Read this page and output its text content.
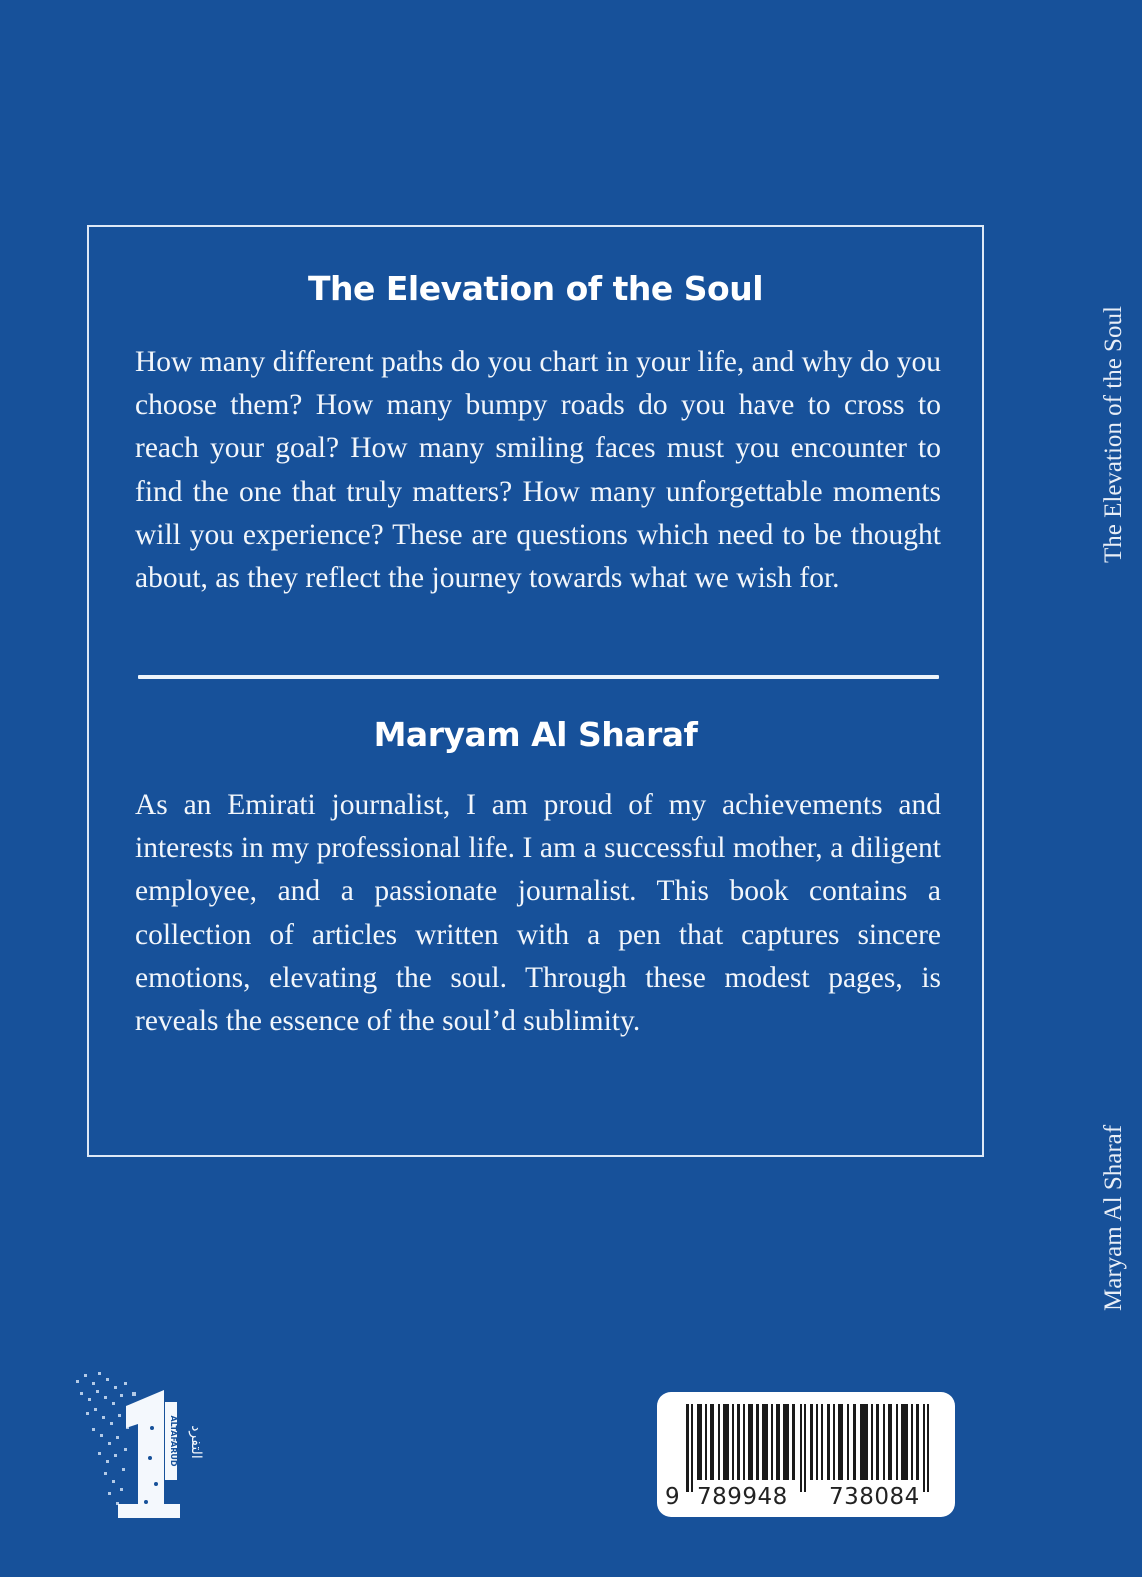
The Elevation of the Soul
How many different paths do you chart in your life, and why do you choose them? How many bumpy roads do you have to cross to reach your goal? How many smiling faces must you encounter to find the one that truly matters? How many unforgettable moments will you experience? These are questions which need to be thought about, as they reflect the journey towards what we wish for.
Maryam Al Sharaf
As an Emirati journalist, I am proud of my achievements and interests in my professional life. I am a successful mother, a diligent employee, and a passionate journalist. This book contains a collection of articles written with a pen that captures sincere emotions, elevating the soul. Through these modest pages, is reveals the essence of the soul’d sublimity.
The Elevation of the Soul
Maryam Al Sharaf
ALTAFARUD التفرد
9 789948 738084
